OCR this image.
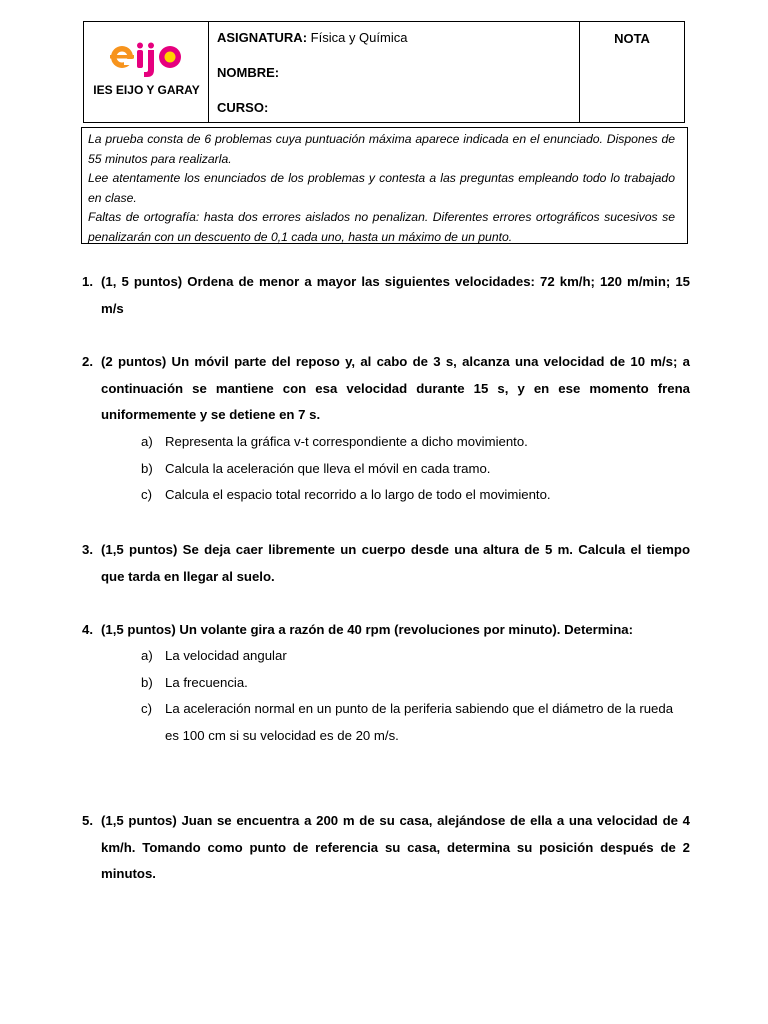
IES EIJO Y GARAY
ASIGNATURA: Física y Química
NOMBRE:
CURSO:
NOTA

La prueba consta de 6 problemas cuya puntuación máxima aparece indicada en el enunciado. Dispones de 55 minutos para realizarla.

Lee atentamente los enunciados de los problemas y contesta a las preguntas empleando todo lo trabajado en clase.

Faltas de ortografía: hasta dos errores aislados no penalizan. Diferentes errores ortográficos sucesivos se penalizarán con un descuento de 0,1 cada uno, hasta un máximo de un punto.

1. (1, 5 puntos) Ordena de menor a mayor las siguientes velocidades: 72 km/h; 120 m/min; 15 m/s
2. (2 puntos) Un móvil parte del reposo y, al cabo de 3 s, alcanza una velocidad de 10 m/s; a continuación se mantiene con esa velocidad durante 15 s, y en ese momento frena uniformemente y se detiene en 7 s.
a) Representa la gráfica v-t correspondiente a dicho movimiento.
b) Calcula la aceleración que lleva el móvil en cada tramo.
c) Calcula el espacio total recorrido a lo largo de todo el movimiento.
3. (1,5 puntos) Se deja caer libremente un cuerpo desde una altura de 5 m. Calcula el tiempo que tarda en llegar al suelo.
4. (1,5 puntos) Un volante gira a razón de 40 rpm (revoluciones por minuto). Determina:
a) La velocidad angular
b) La frecuencia.
c) La aceleración normal en un punto de la periferia sabiendo que el diámetro de la rueda es 100 cm si su velocidad es de 20 m/s.
5. (1,5 puntos) Juan se encuentra a 200 m de su casa, alejándose de ella a una velocidad de 4 km/h. Tomando como punto de referencia su casa, determina su posición después de 2 minutos.
